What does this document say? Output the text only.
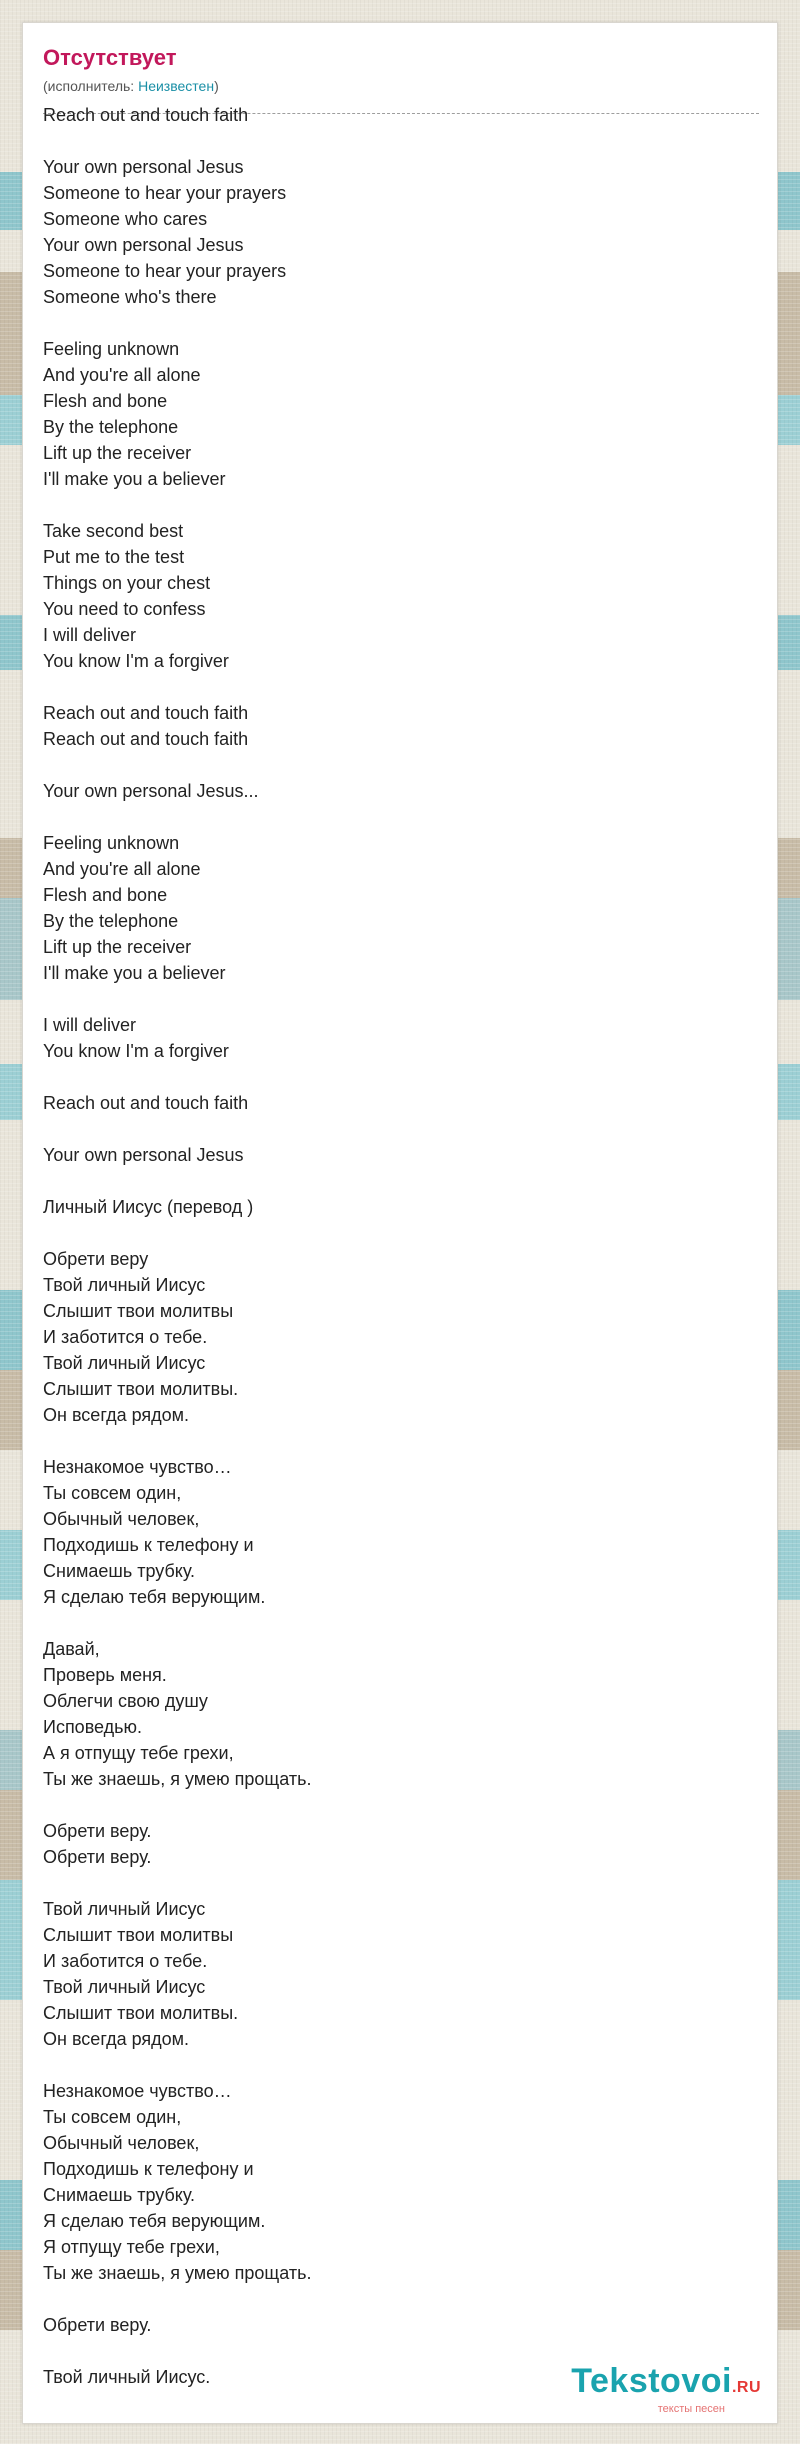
Отсутствует
(исполнитель: Неизвестен)
Reach out and touch faith

Your own personal Jesus
Someone to hear your prayers
Someone who cares
Your own personal Jesus
Someone to hear your prayers
Someone who's there

Feeling unknown
And you're all alone
Flesh and bone
By the telephone
Lift up the receiver
I'll make you a believer

Take second best
Put me to the test
Things on your chest
You need to confess
I will deliver
You know I'm a forgiver

Reach out and touch faith
Reach out and touch faith

Your own personal Jesus...

Feeling unknown
And you're all alone
Flesh and bone
By the telephone
Lift up the receiver
I'll make you a believer

I will deliver
You know I'm a forgiver

Reach out and touch faith

Your own personal Jesus

Личный Иисус (перевод )

Обрети веру
Твой личный Иисус
Слышит твои молитвы
И заботится о тебе.
Твой личный Иисус
Слышит твои молитвы.
Он всегда рядом.

Незнакомое чувство…
Ты совсем один,
Обычный человек,
Подходишь к телефону и
Снимаешь трубку.
Я сделаю тебя верующим.

Давай,
Проверь меня.
Облегчи свою душу
Исповедью.
А я отпущу тебе грехи,
Ты же знаешь, я умею прощать.

Обрети веру.
Обрети веру.

Твой личный Иисус
Слышит твои молитвы
И заботится о тебе.
Твой личный Иисус
Слышит твои молитвы.
Он всегда рядом.

Незнакомое чувство…
Ты совсем один,
Обычный человек,
Подходишь к телефону и
Снимаешь трубку.
Я сделаю тебя верующим.
Я отпущу тебе грехи,
Ты же знаешь, я умею прощать.

Обрети веру.

Твой личный Иисус.	Tekstovoi.RU
тексты песен
